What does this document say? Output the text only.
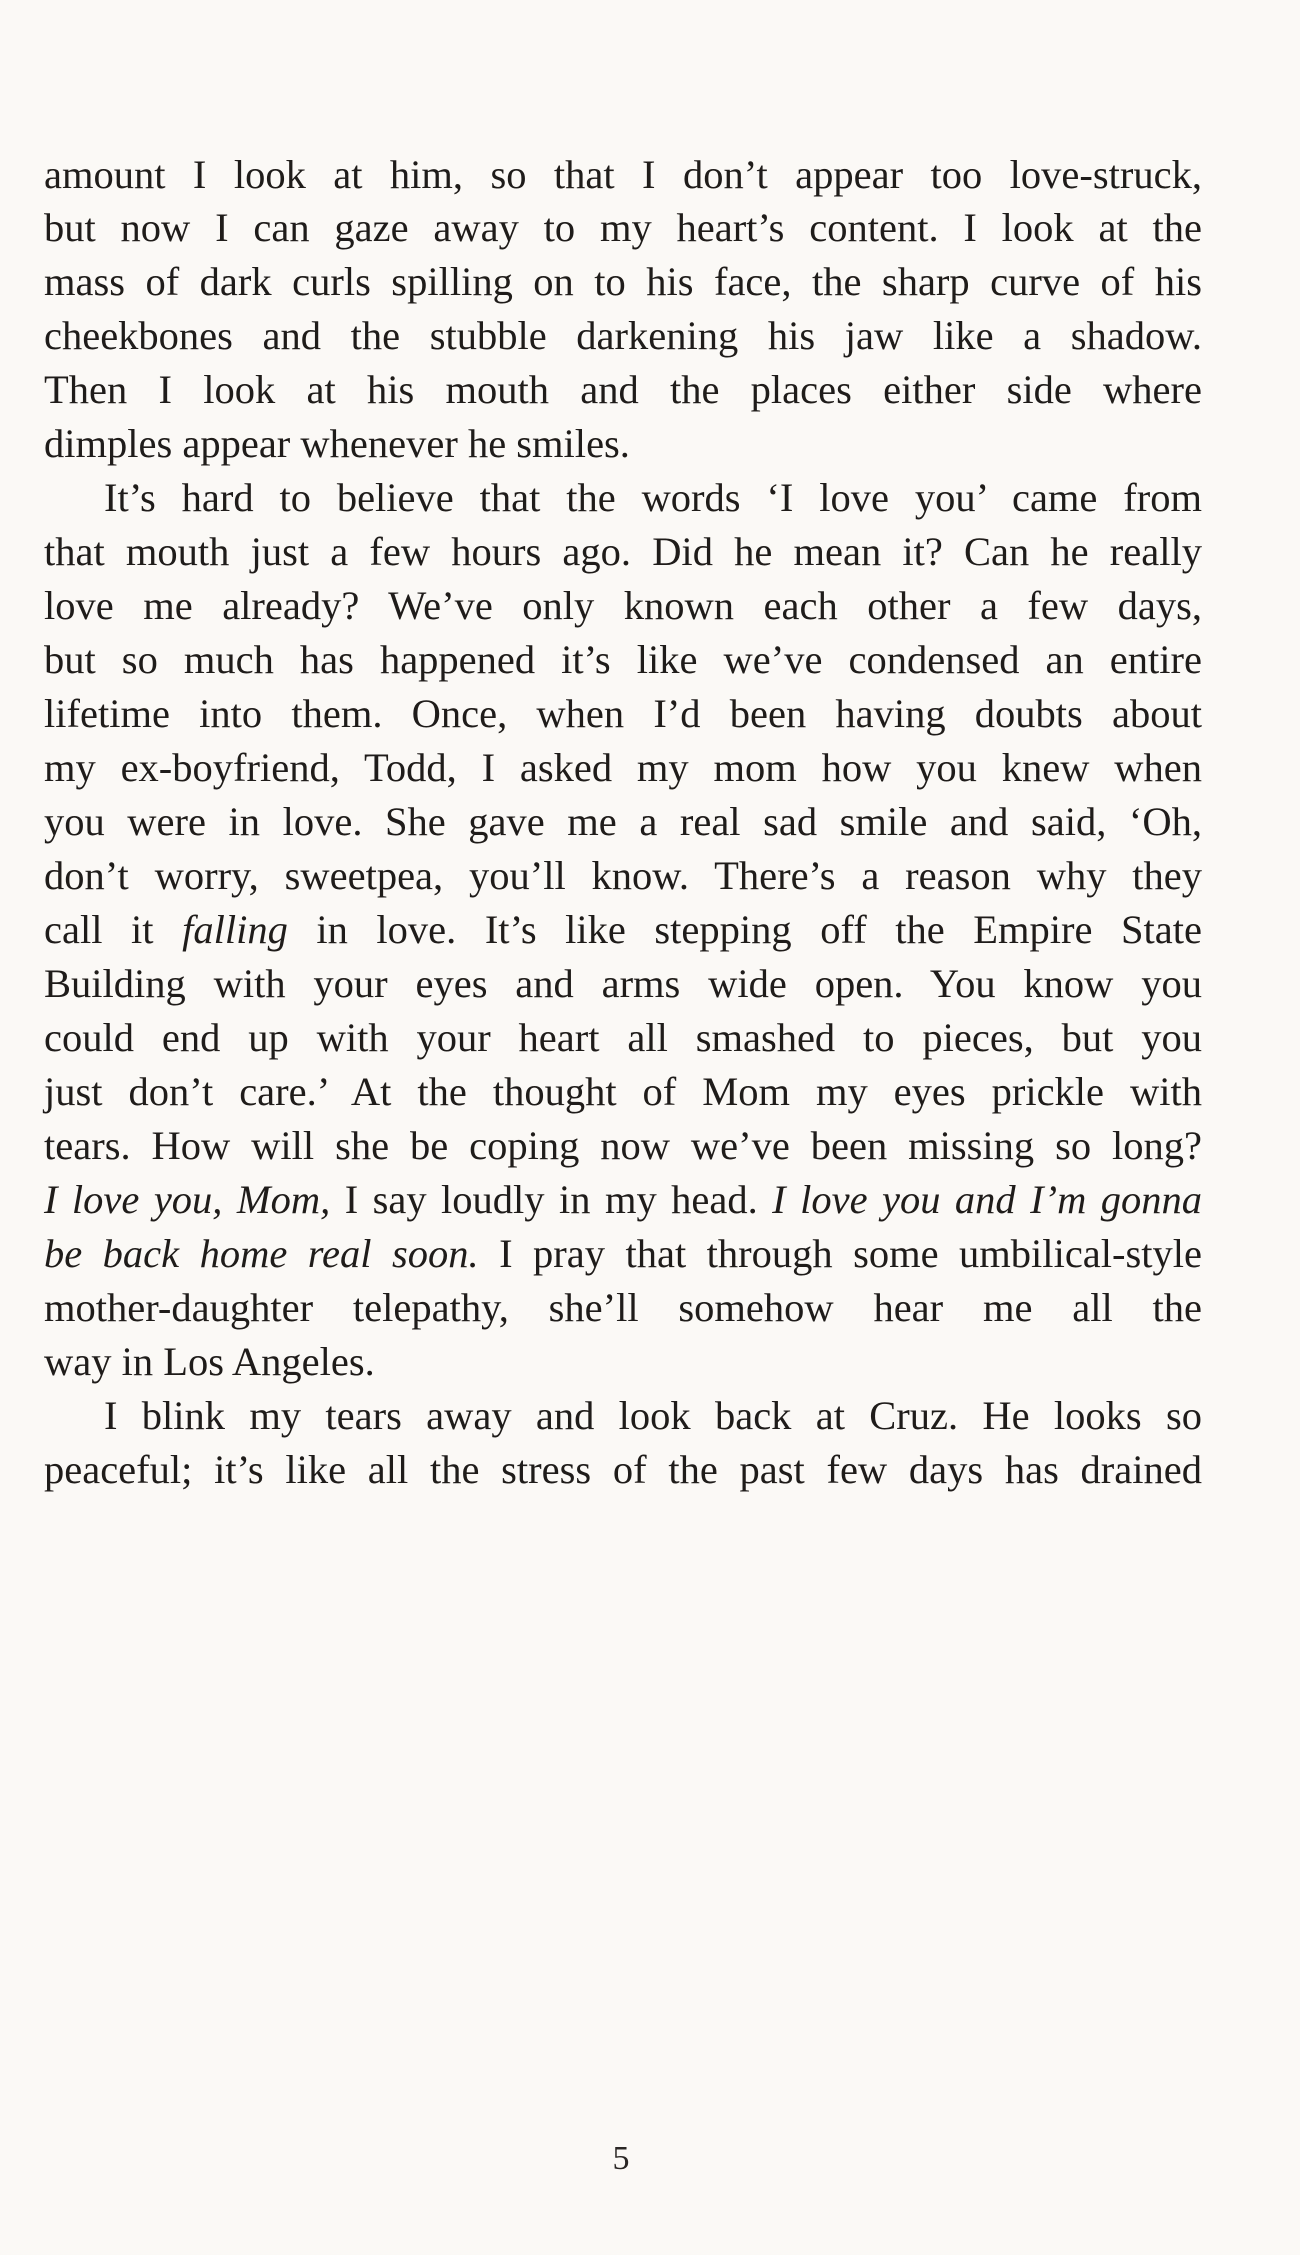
amount I look at him, so that I don’t appear too love-struck,
but now I can gaze away to my heart’s content. I look at the
mass of dark curls spilling on to his face, the sharp curve of his
cheekbones and the stubble darkening his jaw like a shadow.
Then I look at his mouth and the places either side where
dimples appear whenever he smiles.
It’s hard to believe that the words ‘I love you’ came from
that mouth just a few hours ago. Did he mean it? Can he really
love me already? We’ve only known each other a few days,
but so much has happened it’s like we’ve condensed an entire
lifetime into them. Once, when I’d been having doubts about
my ex-boyfriend, Todd, I asked my mom how you knew when
you were in love. She gave me a real sad smile and said, ‘Oh,
don’t worry, sweetpea, you’ll know. There’s a reason why they
call it falling in love. It’s like stepping off the Empire State
Building with your eyes and arms wide open. You know you
could end up with your heart all smashed to pieces, but you
just don’t care.’ At the thought of Mom my eyes prickle with
tears. How will she be coping now we’ve been missing so long?
I love you, Mom, I say loudly in my head. I love you and I’m gonna
be back home real soon. I pray that through some umbilical-style
mother-daughter telepathy, she’ll somehow hear me all the
way in Los Angeles.
I blink my tears away and look back at Cruz. He looks so
peaceful; it’s like all the stress of the past few days has drained
5
